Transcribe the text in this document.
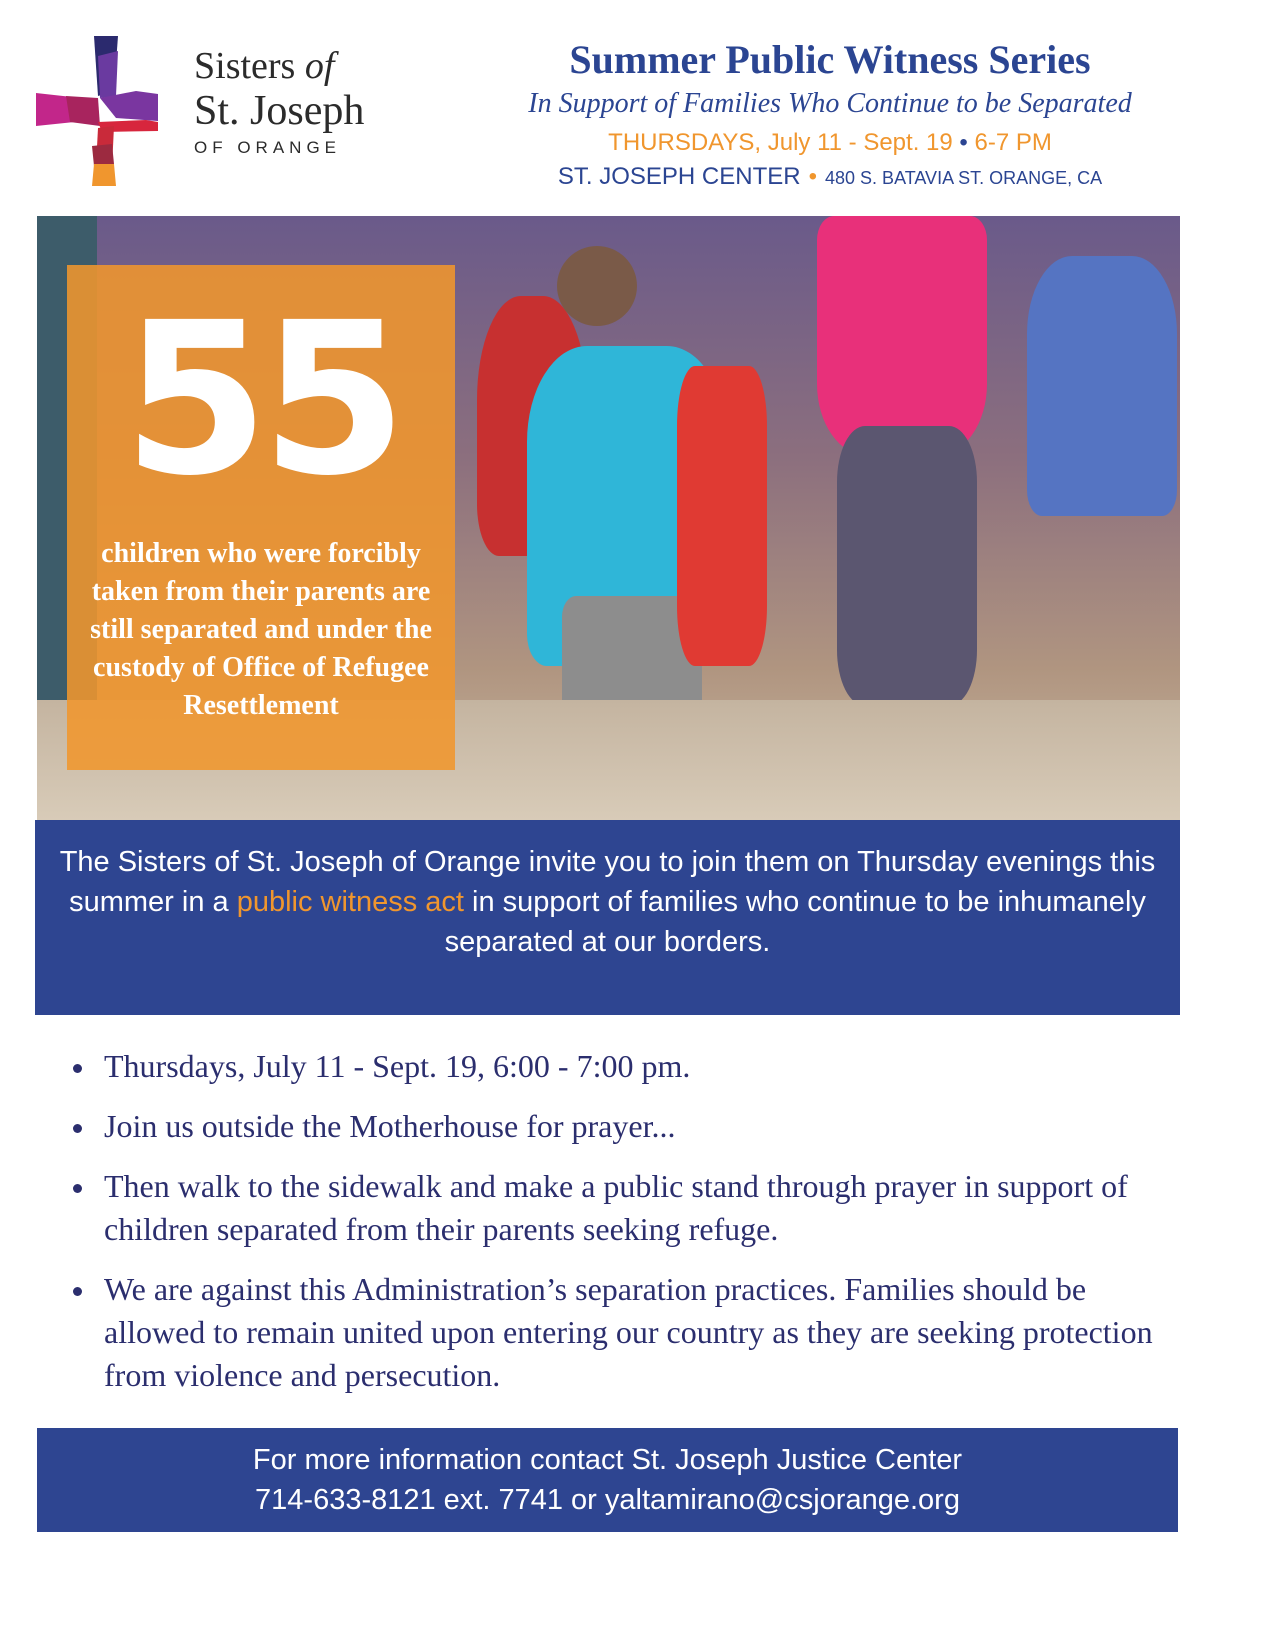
Sisters of
St. Joseph
OF ORANGE
Summer Public Witness Series
In Support of Families Who Continue to be Separated
THURSDAYS, July 11 - Sept. 19 • 6-7 PM
ST. JOSEPH CENTER • 480 S. BATAVIA ST. ORANGE, CA
55
children who were forcibly taken from their parents are still separated and under the custody of Office of Refugee Resettlement
The Sisters of St. Joseph of Orange invite you to join them on Thursday evenings this summer in a public witness act in support of families who continue to be inhumanely separated at our borders.
Thursdays, July 11 - Sept. 19, 6:00 - 7:00 pm.
Join us outside the Motherhouse for prayer...
Then walk to the sidewalk and make a public stand through prayer in support of children separated from their parents seeking refuge.
We are against this Administration’s separation practices. Families should be allowed to remain united upon entering our country as they are seeking protection from violence and persecution.
For more information contact St. Joseph Justice Center
714-633-8121 ext. 7741 or yaltamirano@csjorange.org
